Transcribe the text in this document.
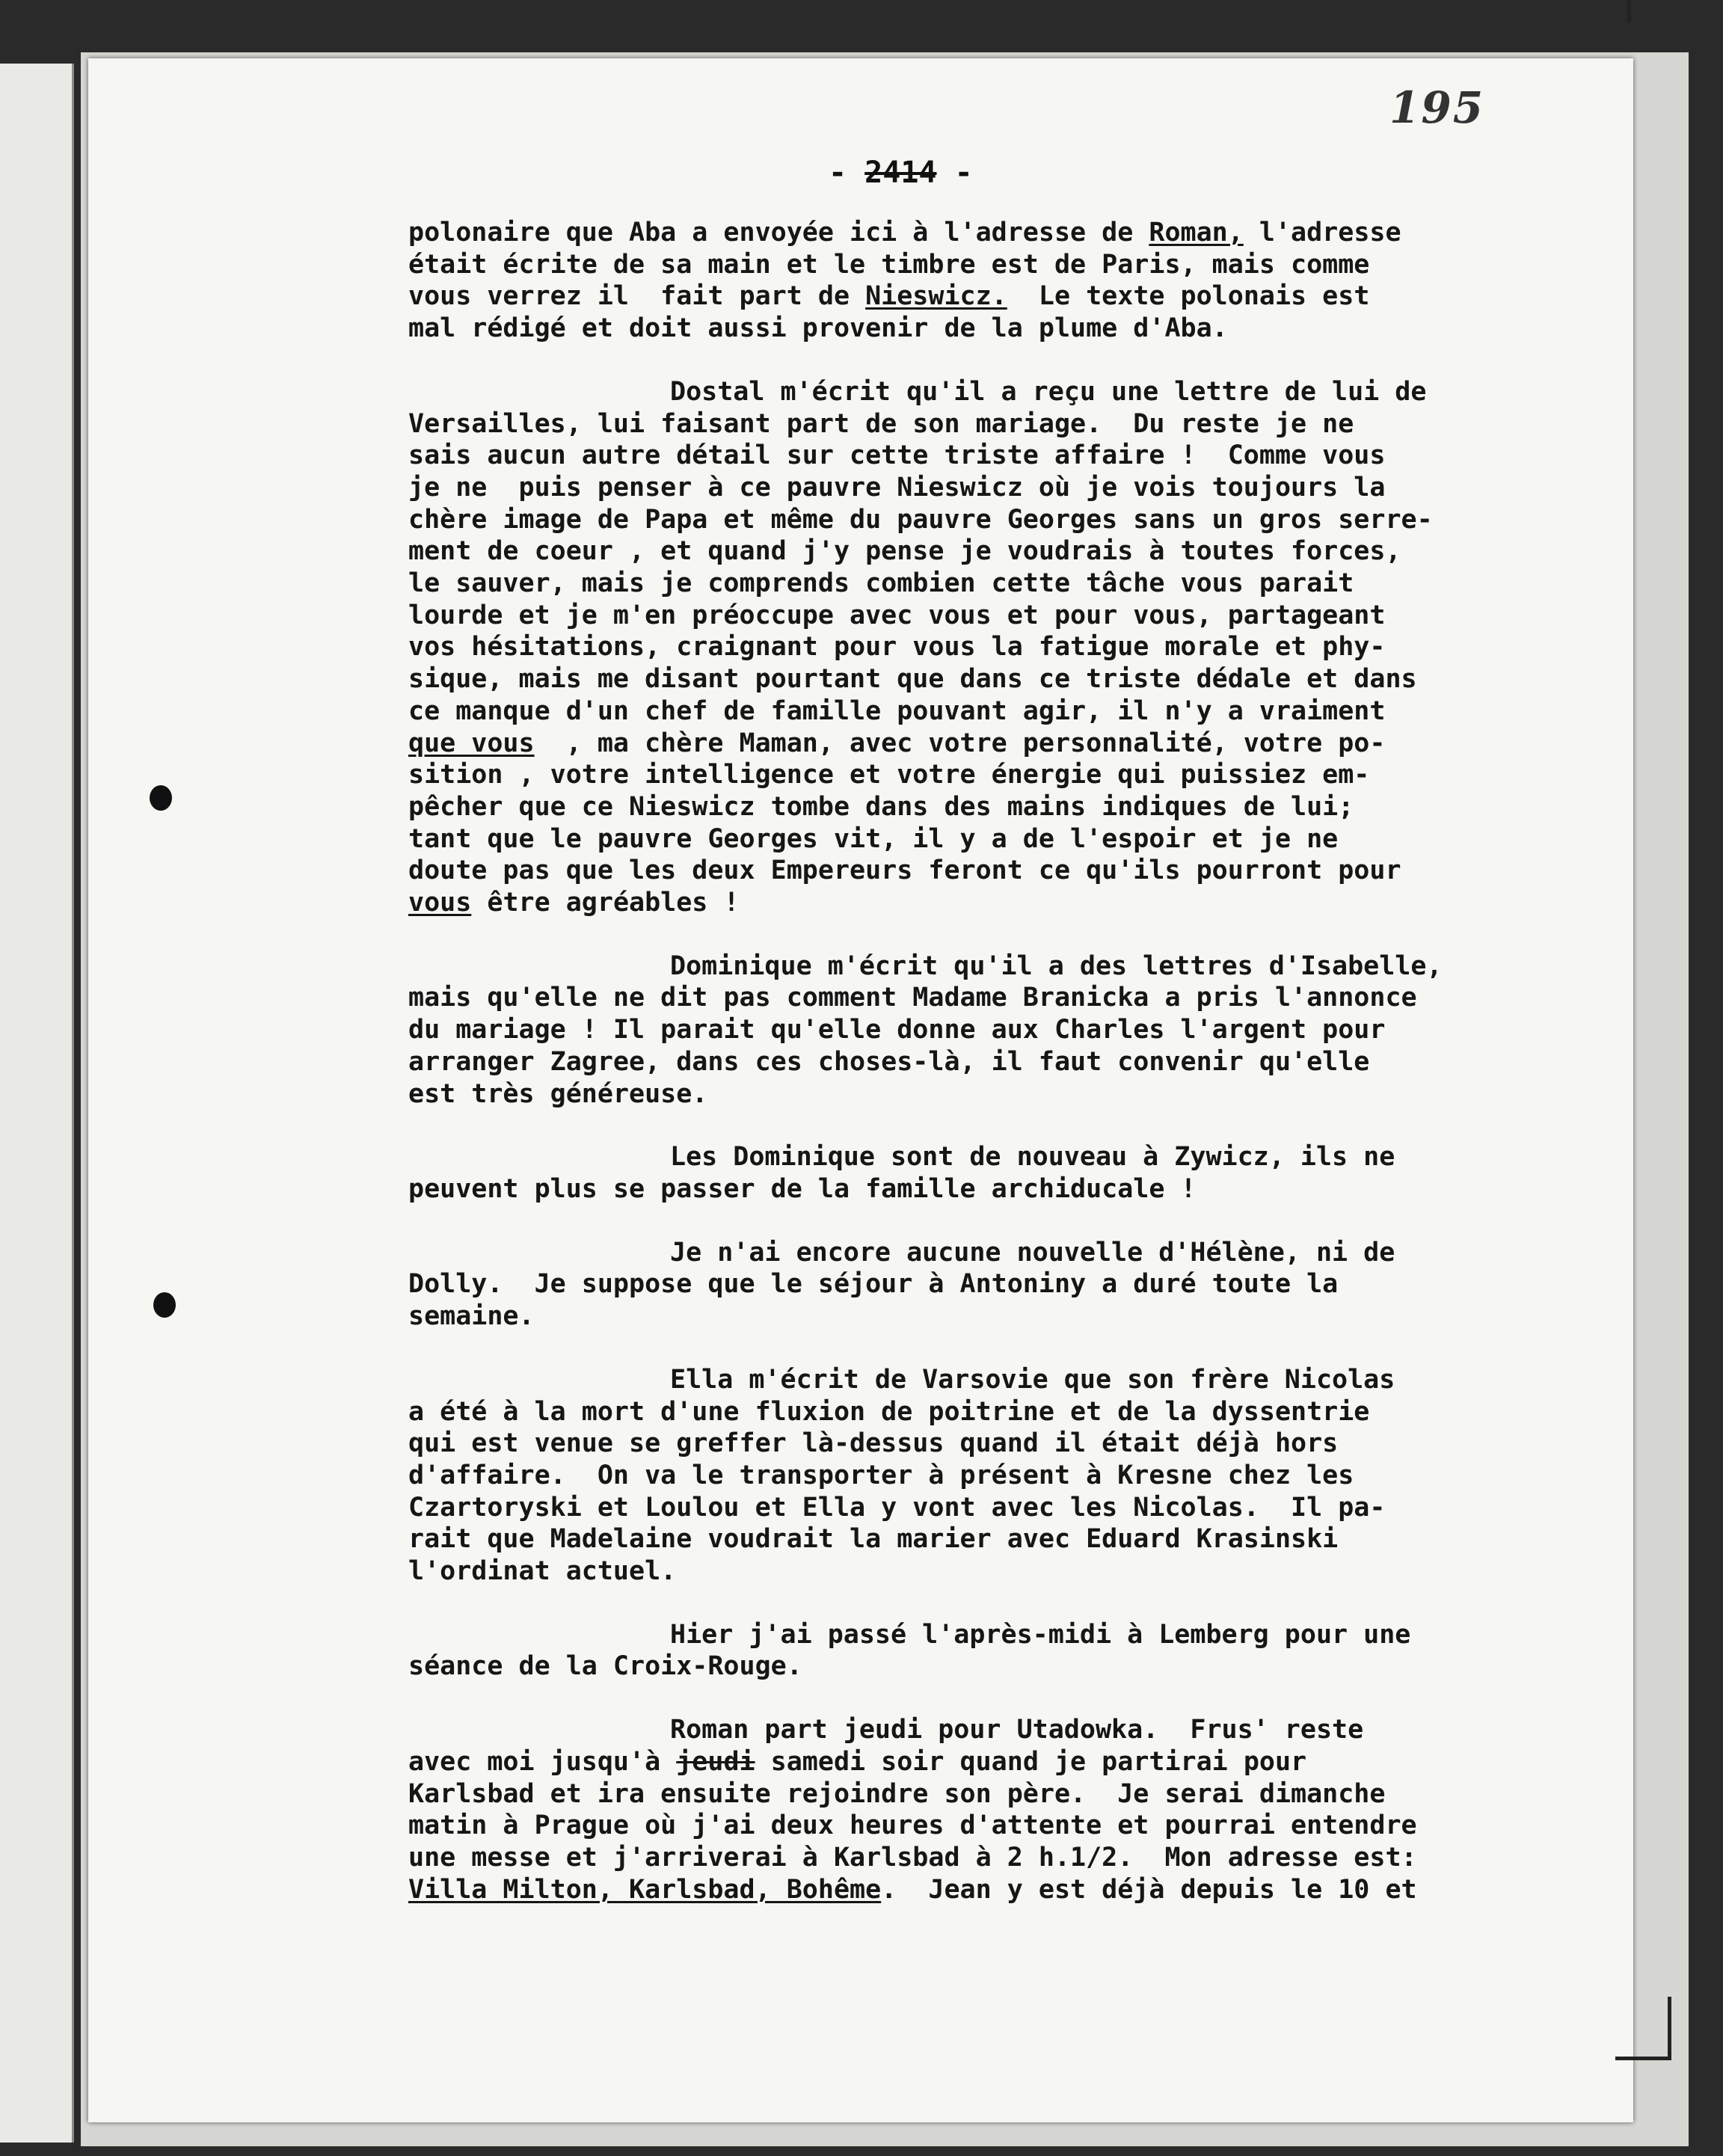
195
- 2414 -
polonaire que Aba a envoyée ici à l'adresse de Roman, l'adresse
était écrite de sa main et le timbre est de Paris, mais comme
vous verrez il  fait part de Nieswicz.  Le texte polonais est
mal rédigé et doit aussi provenir de la plume d'Aba.
Dostal m'écrit qu'il a reçu une lettre de lui de
Versailles, lui faisant part de son mariage.  Du reste je ne
sais aucun autre détail sur cette triste affaire !  Comme vous
je ne  puis penser à ce pauvre Nieswicz où je vois toujours la
chère image de Papa et même du pauvre Georges sans un gros serre-
ment de coeur , et quand j'y pense je voudrais à toutes forces,
le sauver, mais je comprends combien cette tâche vous parait
lourde et je m'en préoccupe avec vous et pour vous, partageant
vos hésitations, craignant pour vous la fatigue morale et phy-
sique, mais me disant pourtant que dans ce triste dédale et dans
ce manque d'un chef de famille pouvant agir, il n'y a vraiment
que vous  , ma chère Maman, avec votre personnalité, votre po-
sition , votre intelligence et votre énergie qui puissiez em-
pêcher que ce Nieswicz tombe dans des mains indiques de lui;
tant que le pauvre Georges vit, il y a de l'espoir et je ne
doute pas que les deux Empereurs feront ce qu'ils pourront pour
vous être agréables !
Dominique m'écrit qu'il a des lettres d'Isabelle,
mais qu'elle ne dit pas comment Madame Branicka a pris l'annonce
du mariage ! Il parait qu'elle donne aux Charles l'argent pour
arranger Zagree, dans ces choses-là, il faut convenir qu'elle
est très généreuse.
Les Dominique sont de nouveau à Zywicz, ils ne
peuvent plus se passer de la famille archiducale !
Je n'ai encore aucune nouvelle d'Hélène, ni de
Dolly.  Je suppose que le séjour à Antoniny a duré toute la
semaine.
Ella m'écrit de Varsovie que son frère Nicolas
a été à la mort d'une fluxion de poitrine et de la dyssentrie
qui est venue se greffer là-dessus quand il était déjà hors
d'affaire.  On va le transporter à présent à Kresne chez les
Czartoryski et Loulou et Ella y vont avec les Nicolas.  Il pa-
rait que Madelaine voudrait la marier avec Eduard Krasinski
l'ordinat actuel.
Hier j'ai passé l'après-midi à Lemberg pour une
séance de la Croix-Rouge.
Roman part jeudi pour Utadowka.  Frus' reste
avec moi jusqu'à jeudi samedi soir quand je partirai pour
Karlsbad et ira ensuite rejoindre son père.  Je serai dimanche
matin à Prague où j'ai deux heures d'attente et pourrai entendre
une messe et j'arriverai à Karlsbad à 2 h.1/2.  Mon adresse est:
Villa Milton, Karlsbad, Bohême.  Jean y est déjà depuis le 10 et
